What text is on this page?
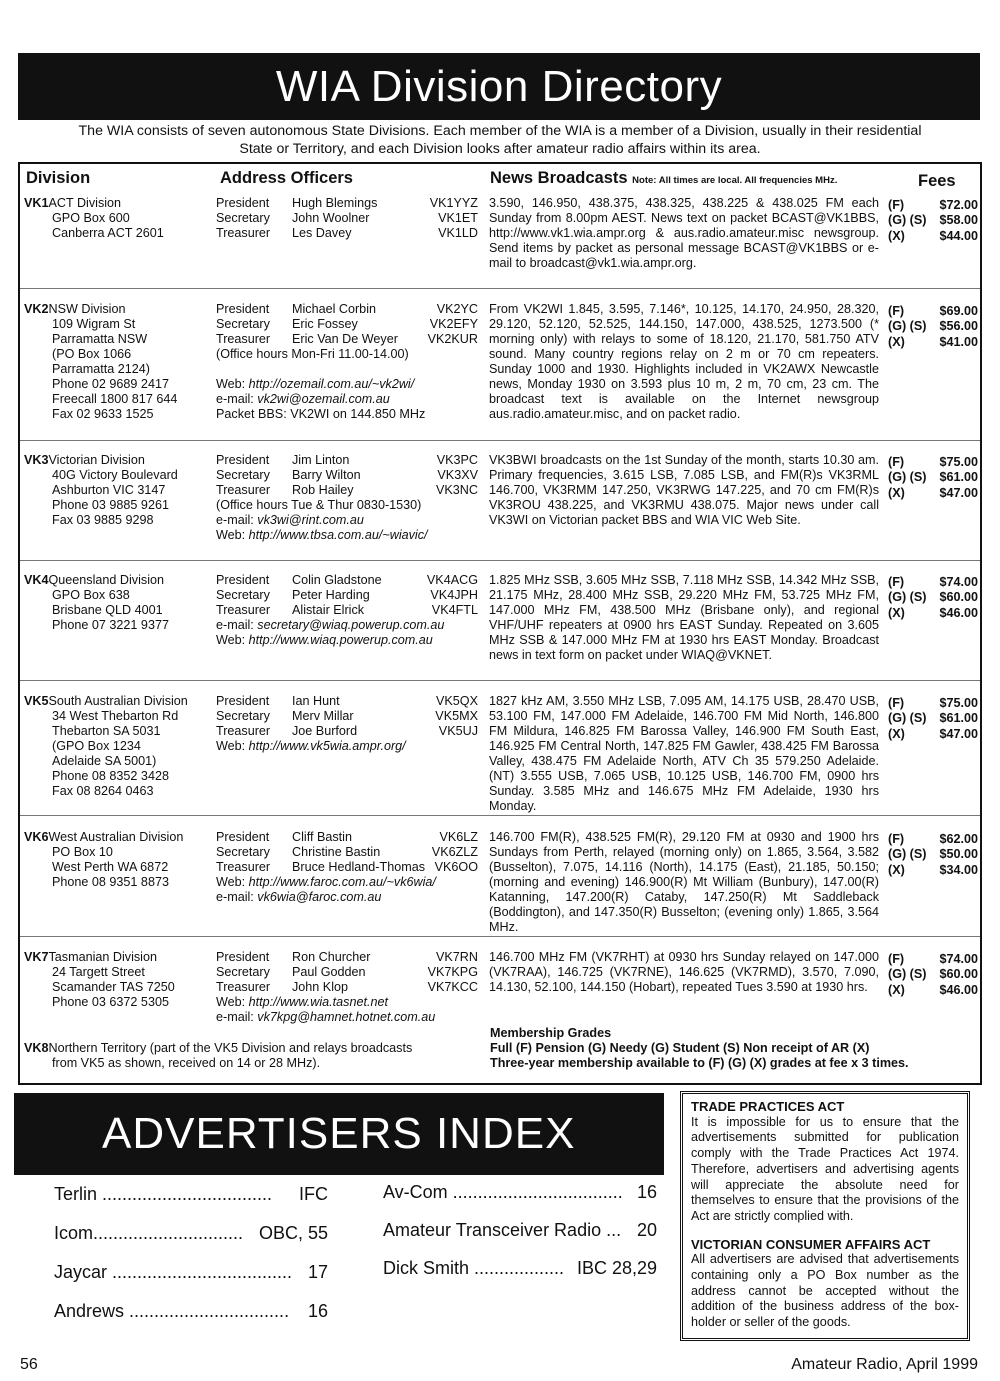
WIA Division Directory
The WIA consists of seven autonomous State Divisions. Each member of the WIA is a member of a Division, usually in their residential
State or Territory, and each Division looks after amateur radio affairs within its area.
Division	Address Officers	News Broadcasts Note: All times are local. All frequencies MHz.	Fees
VK1ACT Division
GPO Box 600
Canberra ACT 2601
President	Hugh Blemings	VK1YYZ
Secretary	John Woolner	VK1ET
Treasurer	Les Davey	VK1LD
3.590, 146.950, 438.375, 438.325, 438.225 & 438.025 FM each Sunday from 8.00pm AEST. News text on packet BCAST@VK1BBS, http://www.vk1.wia.ampr.org & aus.radio.amateur.misc newsgroup. Send items by packet as personal message BCAST@VK1BBS or e-mail to broadcast@vk1.wia.ampr.org.
(F)	$72.00
(G) (S) $58.00
(X)	$44.00
VK2NSW Division
109 Wigram St
Parramatta NSW
(PO Box 1066
Parramatta 2124)
Phone 02 9689 2417
Freecall 1800 817 644
Fax 02 9633 1525
President	Michael Corbin	VK2YC
Secretary	Eric Fossey	VK2EFY
Treasurer	Eric Van De Weyer	VK2KUR
(Office hours Mon-Fri 11.00-14.00)

Web: http://ozemail.com.au/~vk2wi/
e-mail: vk2wi@ozemail.com.au
Packet BBS: VK2WI on 144.850 MHz
From VK2WI 1.845, 3.595, 7.146*, 10.125, 14.170, 24.950, 28.320, 29.120, 52.120, 52.525, 144.150, 147.000, 438.525, 1273.500 (* morning only) with relays to some of 18.120, 21.170, 581.750 ATV sound. Many country regions relay on 2 m or 70 cm repeaters. Sunday 1000 and 1930. Highlights included in VK2AWX Newcastle news, Monday 1930 on 3.593 plus 10 m, 2 m, 70 cm, 23 cm. The broadcast text is available on the Internet newsgroup aus.radio.amateur.misc, and on packet radio.
(F)	$69.00
(G) (S) $56.00
(X)	$41.00
VK3Victorian Division
40G Victory Boulevard
Ashburton VIC 3147
Phone 03 9885 9261
Fax 03 9885 9298
President	Jim Linton	VK3PC
Secretary	Barry Wilton	VK3XV
Treasurer	Rob Hailey	VK3NC
(Office hours Tue & Thur 0830-1530)
e-mail: vk3wi@rint.com.au
Web: http://www.tbsa.com.au/~wiavic/
VK3BWI broadcasts on the 1st Sunday of the month, starts 10.30 am. Primary frequencies, 3.615 LSB, 7.085 LSB, and FM(R)s VK3RML 146.700, VK3RMM 147.250, VK3RWG 147.225, and 70 cm FM(R)s VK3ROU 438.225, and VK3RMU 438.075. Major news under call VK3WI on Victorian packet BBS and WIA VIC Web Site.
(F)	$75.00
(G) (S) $61.00
(X)	$47.00
VK4Queensland Division
GPO Box 638
Brisbane QLD 4001
Phone 07 3221 9377
President	Colin Gladstone	VK4ACG
Secretary	Peter Harding	VK4JPH
Treasurer	Alistair Elrick	VK4FTL
e-mail: secretary@wiaq.powerup.com.au
Web: http://www.wiaq.powerup.com.au
1.825 MHz SSB, 3.605 MHz SSB, 7.118 MHz SSB, 14.342 MHz SSB, 21.175 MHz, 28.400 MHz SSB, 29.220 MHz FM, 53.725 MHz FM, 147.000 MHz FM, 438.500 MHz (Brisbane only), and regional VHF/UHF repeaters at 0900 hrs EAST Sunday. Repeated on 3.605 MHz SSB & 147.000 MHz FM at 1930 hrs EAST Monday. Broadcast news in text form on packet under WIAQ@VKNET.
(F)	$74.00
(G) (S) $60.00
(X)	$46.00
VK5South Australian Division
34 West Thebarton Rd
Thebarton SA 5031
(GPO Box 1234
Adelaide SA 5001)
Phone 08 8352 3428
Fax 08 8264 0463
President	Ian Hunt	VK5QX
Secretary	Merv Millar	VK5MX
Treasurer	Joe Burford	VK5UJ
Web: http://www.vk5wia.ampr.org/
1827 kHz AM, 3.550 MHz LSB, 7.095 AM, 14.175 USB, 28.470 USB, 53.100 FM, 147.000 FM Adelaide, 146.700 FM Mid North, 146.800 FM Mildura, 146.825 FM Barossa Valley, 146.900 FM South East, 146.925 FM Central North, 147.825 FM Gawler, 438.425 FM Barossa Valley, 438.475 FM Adelaide North, ATV Ch 35 579.250 Adelaide. (NT) 3.555 USB, 7.065 USB, 10.125 USB, 146.700 FM, 0900 hrs Sunday. 3.585 MHz and 146.675 MHz FM Adelaide, 1930 hrs Monday.
(F)	$75.00
(G) (S) $61.00
(X)	$47.00
VK6West Australian Division
PO Box 10
West Perth WA 6872
Phone 08 9351 8873
President	Cliff Bastin	VK6LZ
Secretary	Christine Bastin	VK6ZLZ
Treasurer	Bruce Hedland-Thomas VK6OO
Web: http://www.faroc.com.au/~vk6wia/
e-mail: vk6wia@faroc.com.au
146.700 FM(R), 438.525 FM(R), 29.120 FM at 0930 and 1900 hrs Sundays from Perth, relayed (morning only) on 1.865, 3.564, 3.582 (Busselton), 7.075, 14.116 (North), 14.175 (East), 21.185, 50.150; (morning and evening) 146.900(R) Mt William (Bunbury), 147.00(R) Katanning, 147.200(R) Cataby, 147.250(R) Mt Saddleback (Boddington), and 147.350(R) Busselton; (evening only) 1.865, 3.564 MHz.
(F)	$62.00
(G) (S) $50.00
(X)	$34.00
VK7Tasmanian Division
24 Targett Street
Scamander TAS 7250
Phone 03 6372 5305
President	Ron Churcher	VK7RN
Secretary	Paul Godden	VK7KPG
Treasurer	John Klop	VK7KCC
Web: http://www.wia.tasnet.net
e-mail: vk7kpg@hamnet.hotnet.com.au
146.700 MHz FM (VK7RHT) at 0930 hrs Sunday relayed on 147.000 (VK7RAA), 146.725 (VK7RNE), 146.625 (VK7RMD), 3.570, 7.090, 14.130, 52.100, 144.150 (Hobart), repeated Tues 3.590 at 1930 hrs.
(F)	$74.00
(G) (S) $60.00
(X)	$46.00
VK8Northern Territory (part of the VK5 Division and relays broadcasts
from VK5 as shown, received on 14 or 28 MHz).
Membership Grades
Full (F) Pension (G) Needy (G) Student (S) Non receipt of AR (X)
Three-year membership available to (F) (G) (X) grades at fee x 3 times.
ADVERTISERS INDEX
Terlin .................................. IFC
Icom.............................. OBC, 55
Jaycar .................................... 17
Andrews ................................ 16
Av-Com .................................. 16
Amateur Transceiver Radio ... 20
Dick Smith .................. IBC 28,29
TRADE PRACTICES ACT

It is impossible for us to ensure that the advertisements submitted for publication comply with the Trade Practices Act 1974. Therefore, advertisers and advertising agents will appreciate the absolute need for themselves to ensure that the provisions of the Act are strictly complied with.

VICTORIAN CONSUMER AFFAIRS ACT

All advertisers are advised that advertisements containing only a PO Box number as the address cannot be accepted without the addition of the business address of the box-holder or seller of the goods.

56	Amateur Radio, April 1999
